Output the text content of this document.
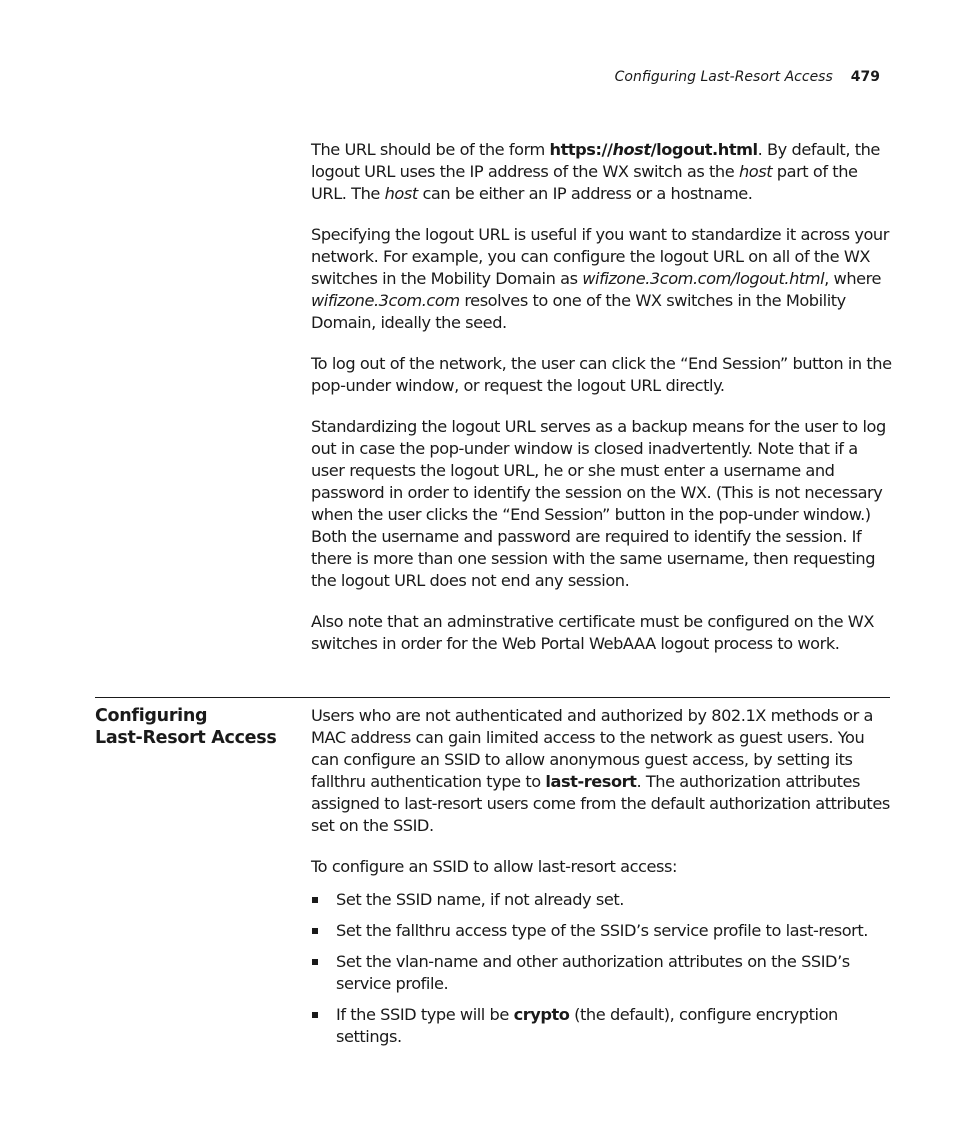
Configuring Last-Resort Access 479

The URL should be of the form https://host/logout.html. By default, the logout URL uses the IP address of the WX switch as the host part of the URL. The host can be either an IP address or a hostname.

Specifying the logout URL is useful if you want to standardize it across your network. For example, you can configure the logout URL on all of the WX switches in the Mobility Domain as wifizone.3com.com/logout.html, where wifizone.3com.com resolves to one of the WX switches in the Mobility Domain, ideally the seed.

To log out of the network, the user can click the “End Session” button in the pop-under window, or request the logout URL directly.

Standardizing the logout URL serves as a backup means for the user to log out in case the pop-under window is closed inadvertently. Note that if a user requests the logout URL, he or she must enter a username and password in order to identify the session on the WX. (This is not necessary when the user clicks the “End Session” button in the pop-under window.) Both the username and password are required to identify the session. If there is more than one session with the same username, then requesting the logout URL does not end any session.

Also note that an adminstrative certificate must be configured on the WX switches in order for the Web Portal WebAAA logout process to work.

Configuring
Last-Resort Access

Users who are not authenticated and authorized by 802.1X methods or a MAC address can gain limited access to the network as guest users. You can configure an SSID to allow anonymous guest access, by setting its fallthru authentication type to last-resort. The authorization attributes assigned to last-resort users come from the default authorization attributes set on the SSID.

To configure an SSID to allow last-resort access:

Set the SSID name, if not already set.
Set the fallthru access type of the SSID’s service profile to last-resort.
Set the vlan-name and other authorization attributes on the SSID’s service profile.
If the SSID type will be crypto (the default), configure encryption settings.
